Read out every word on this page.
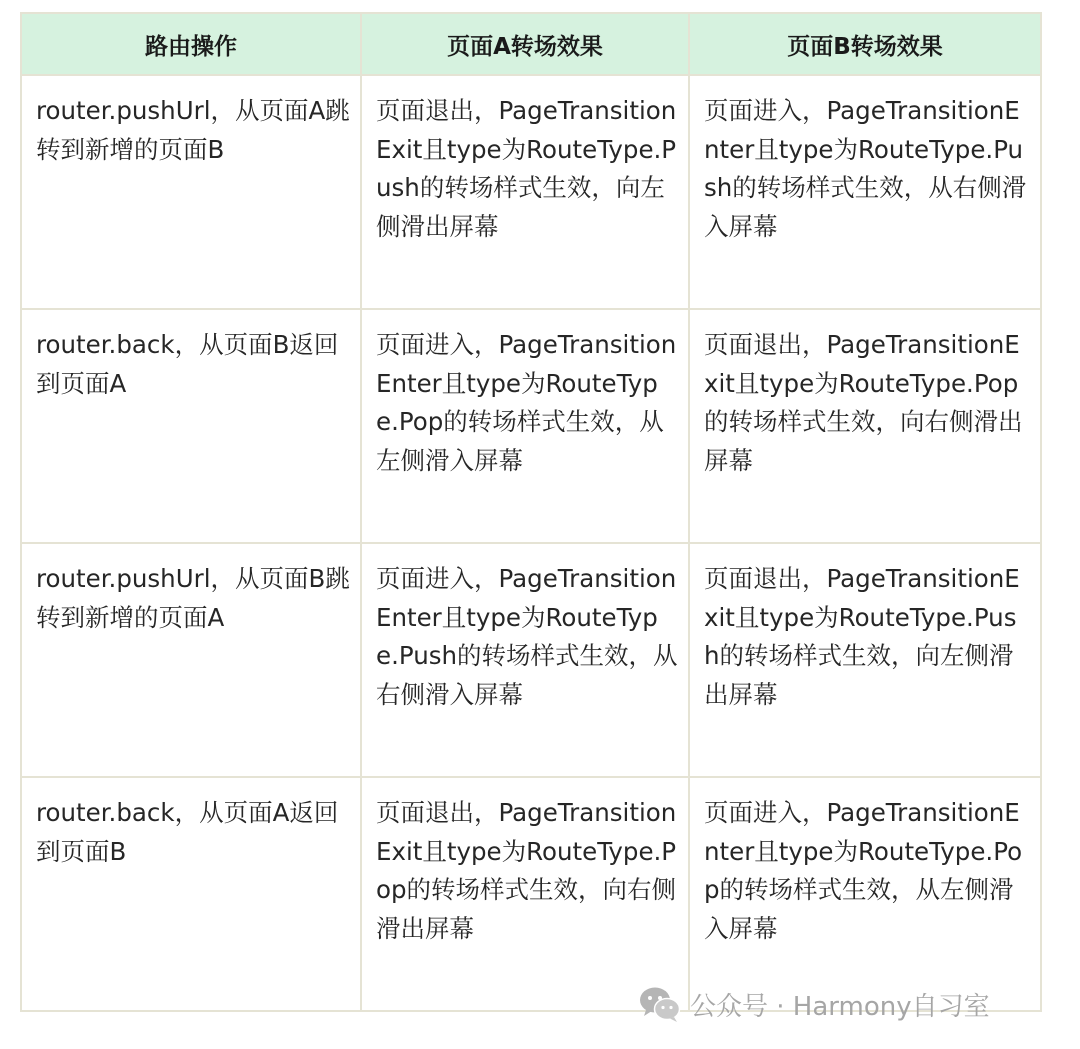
路由操作	页面A转场效果	页面B转场效果
router.pushUrl，从页面A跳转到新增的页面B	页面退出，PageTransitionExit且type为RouteType.Push的转场样式生效，向左侧滑出屏幕	页面进入，PageTransitionEnter且type为RouteType.Push的转场样式生效，从右侧滑入屏幕
router.back，从页面B返回到页面A	页面进入，PageTransitionEnter且type为RouteType.Pop的转场样式生效，从左侧滑入屏幕	页面退出，PageTransitionExit且type为RouteType.Pop的转场样式生效，向右侧滑出屏幕
router.pushUrl，从页面B跳转到新增的页面A	页面进入，PageTransitionEnter且type为RouteType.Push的转场样式生效，从右侧滑入屏幕	页面退出，PageTransitionExit且type为RouteType.Push的转场样式生效，向左侧滑出屏幕
router.back，从页面A返回到页面B	页面退出，PageTransitionExit且type为RouteType.Pop的转场样式生效，向右侧滑出屏幕	页面进入，PageTransitionEnter且type为RouteType.Pop的转场样式生效，从左侧滑入屏幕
公众号 · Harmony自习室
